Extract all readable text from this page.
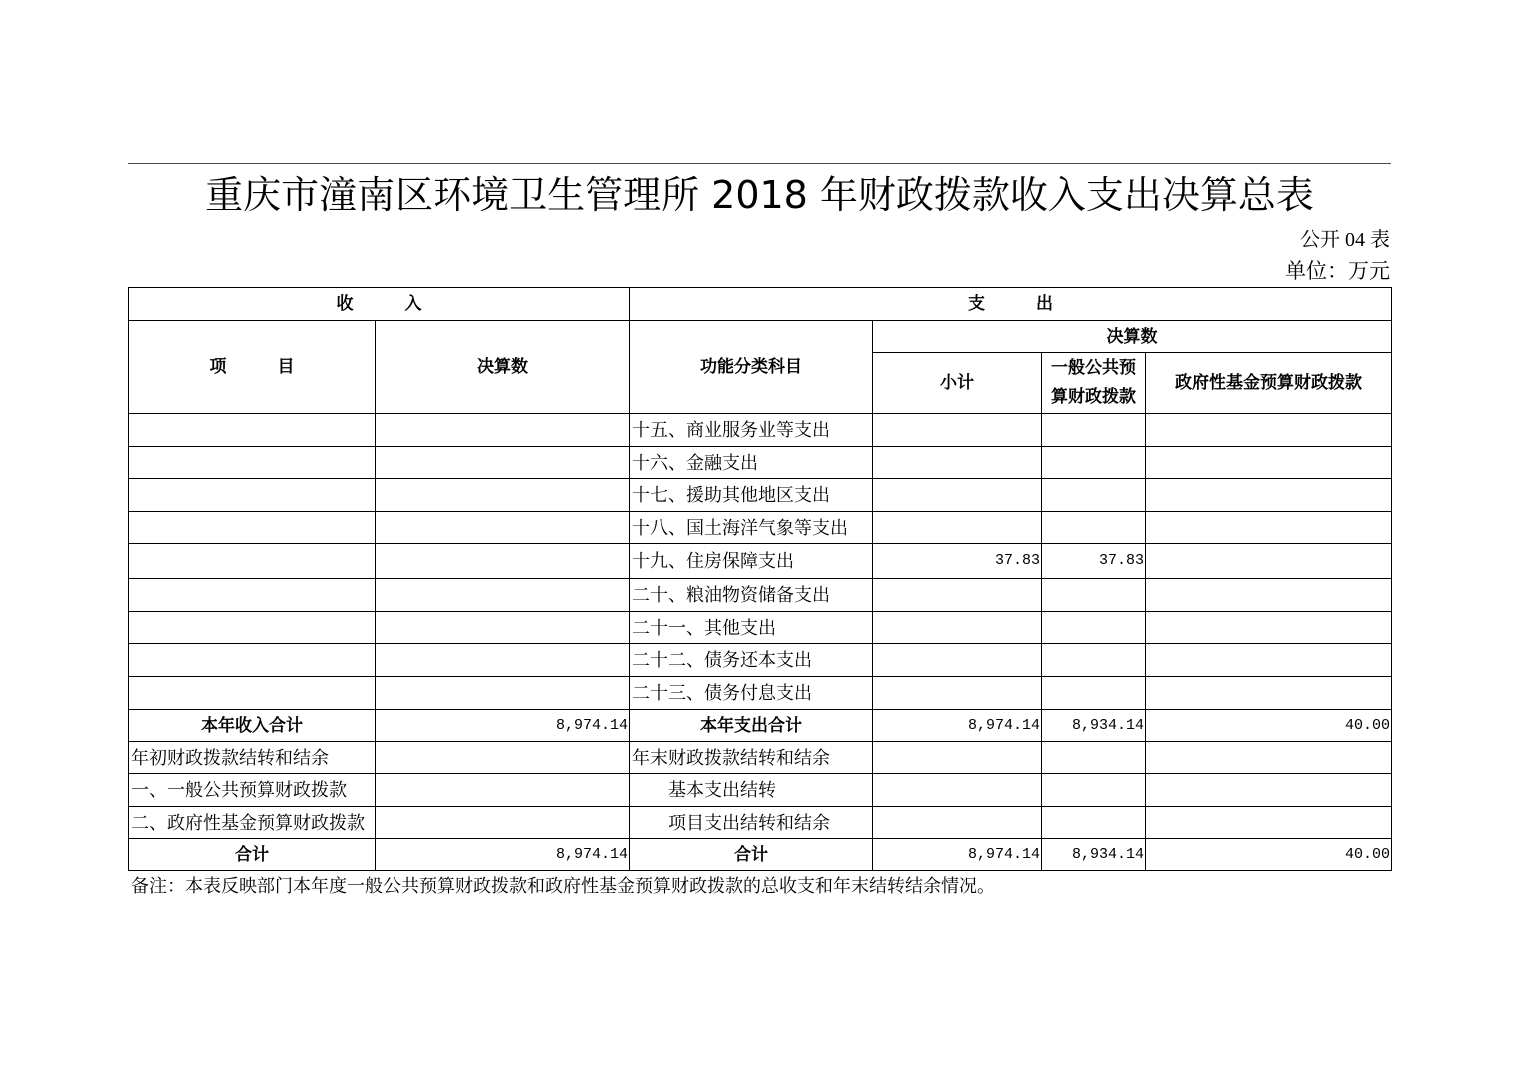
重庆市潼南区环境卫生管理所 2018 年财政拨款收入支出决算总表
公开 04 表
单位：万元
收　　　入		支　　　出			
项　　　目	决算数	功能分类科目	决算数		
			小计	一般公共预算财政拨款	政府性基金预算财政拨款
		十五、商业服务业等支出			
		十六、金融支出			
		十七、援助其他地区支出			
		十八、国土海洋气象等支出			
		十九、住房保障支出	37.83	37.83	
		二十、粮油物资储备支出			
		二十一、其他支出			
		二十二、债务还本支出			
		二十三、债务付息支出			
本年收入合计	8,974.14	本年支出合计	8,974.14	8,934.14	40.00
年初财政拨款结转和结余		年末财政拨款结转和结余			
一、一般公共预算财政拨款		基本支出结转			
二、政府性基金预算财政拨款		项目支出结转和结余			
合计	8,974.14	合计	8,974.14	8,934.14	40.00
备注：本表反映部门本年度一般公共预算财政拨款和政府性基金预算财政拨款的总收支和年末结转结余情况。
